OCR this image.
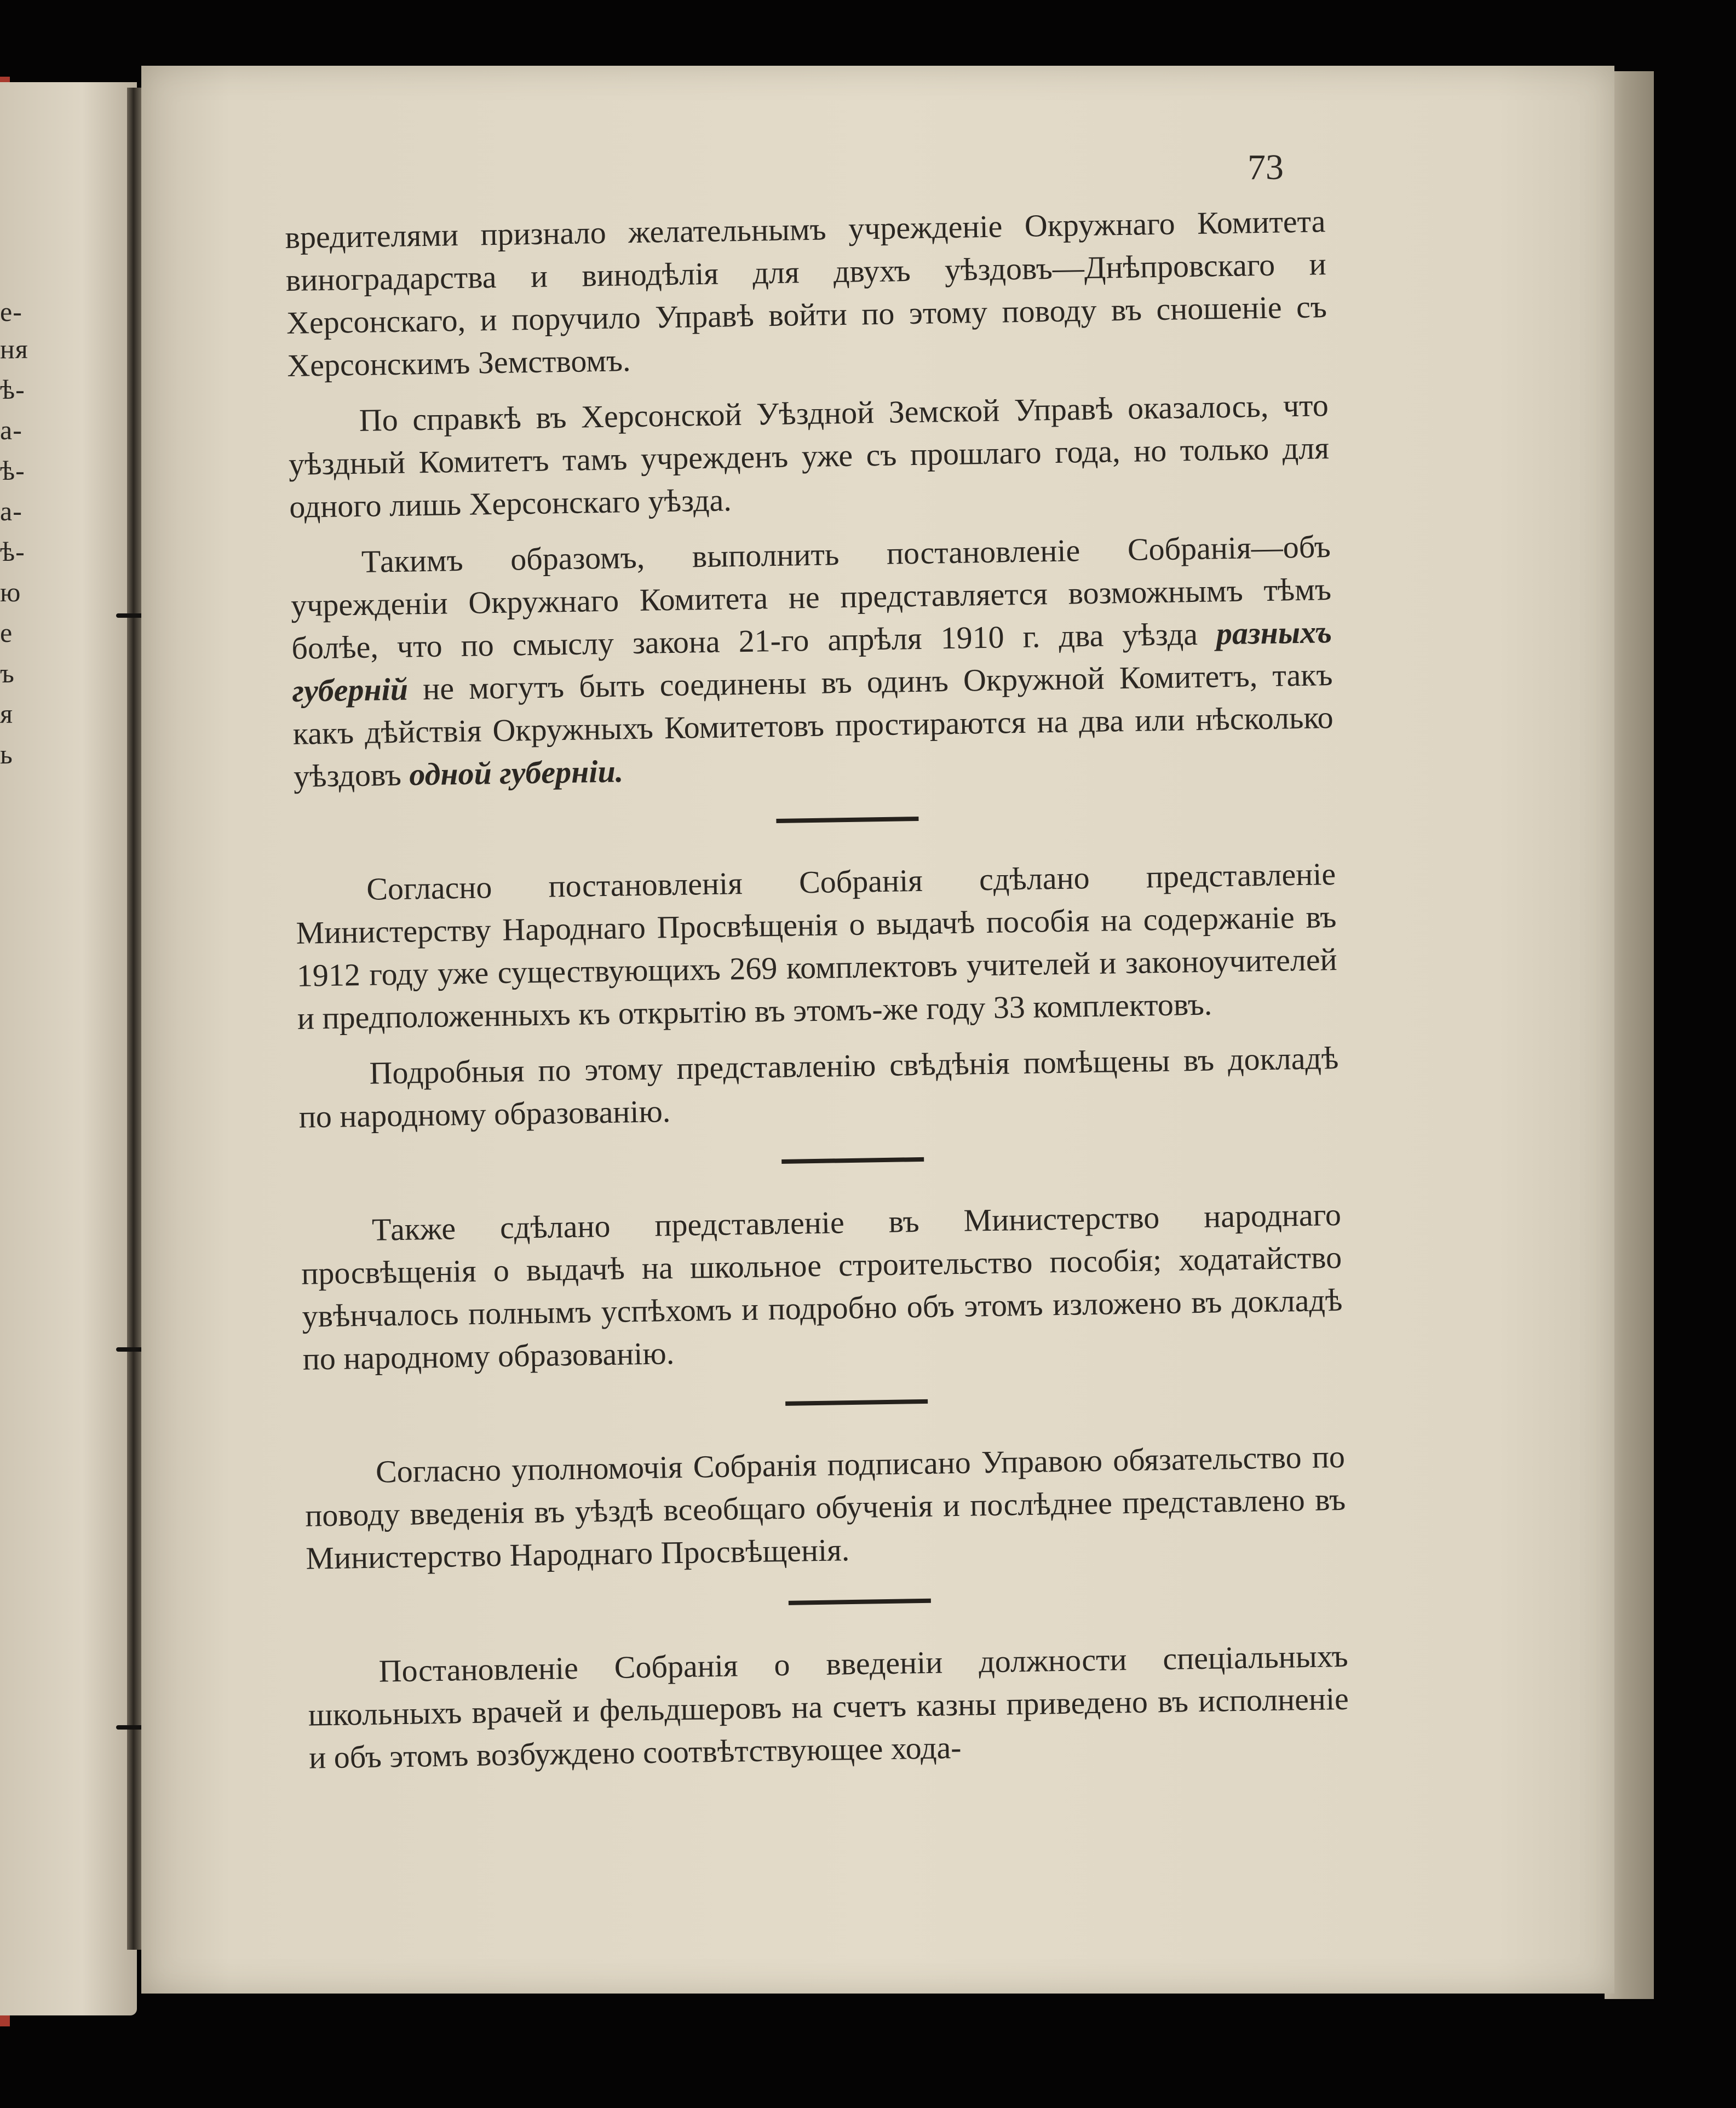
е-
ня
ѣ-
а-
ѣ-
а-
ѣ-
ю
е
ъ
я
ь
73

вредителями признало желательнымъ учрежденіе Окружнаго Комитета виноградарства и винодѣлія для двухъ уѣздовъ—Днѣпровскаго и Херсонскаго, и поручило Управѣ войти по этому поводу въ сношеніе съ Херсонскимъ Земствомъ.

По справкѣ въ Херсонской Уѣздной Земской Управѣ оказалось, что уѣздный Комитетъ тамъ учрежденъ уже съ прошлаго года, но только для одного лишь Херсонскаго уѣзда.

Такимъ образомъ, выполнить постановленіе Собранія—объ учрежденіи Окружнаго Комитета не представляется возможнымъ тѣмъ болѣе, что по смыслу закона 21-го апрѣля 1910 г. два уѣзда разныхъ губерній не могутъ быть соединены въ одинъ Окружной Комитетъ, такъ какъ дѣйствія Окружныхъ Комитетовъ простираются на два или нѣсколько уѣздовъ одной губерніи.

Согласно постановленія Собранія сдѣлано представленіе Министерству Народнаго Просвѣщенія о выдачѣ пособія на содержаніе въ 1912 году уже существующихъ 269 комплектовъ учителей и законоучителей и предположенныхъ къ открытію въ этомъ-же году 33 комплектовъ.

Подробныя по этому представленію свѣдѣнія помѣщены въ докладѣ по народному образованію.

Также сдѣлано представленіе въ Министерство народнаго просвѣщенія о выдачѣ на школьное строительство пособія; ходатайство увѣнчалось полнымъ успѣхомъ и подробно объ этомъ изложено въ докладѣ по народному образованію.

Согласно уполномочія Собранія подписано Управою обязательство по поводу введенія въ уѣздѣ всеобщаго обученія и послѣднее представлено въ Министерство Народнаго Просвѣщенія.

Постановленіе Собранія о введеніи должности спеціальныхъ школьныхъ врачей и фельдшеровъ на счетъ казны приведено въ исполненіе и объ этомъ возбуждено соотвѣтствующее хода-
